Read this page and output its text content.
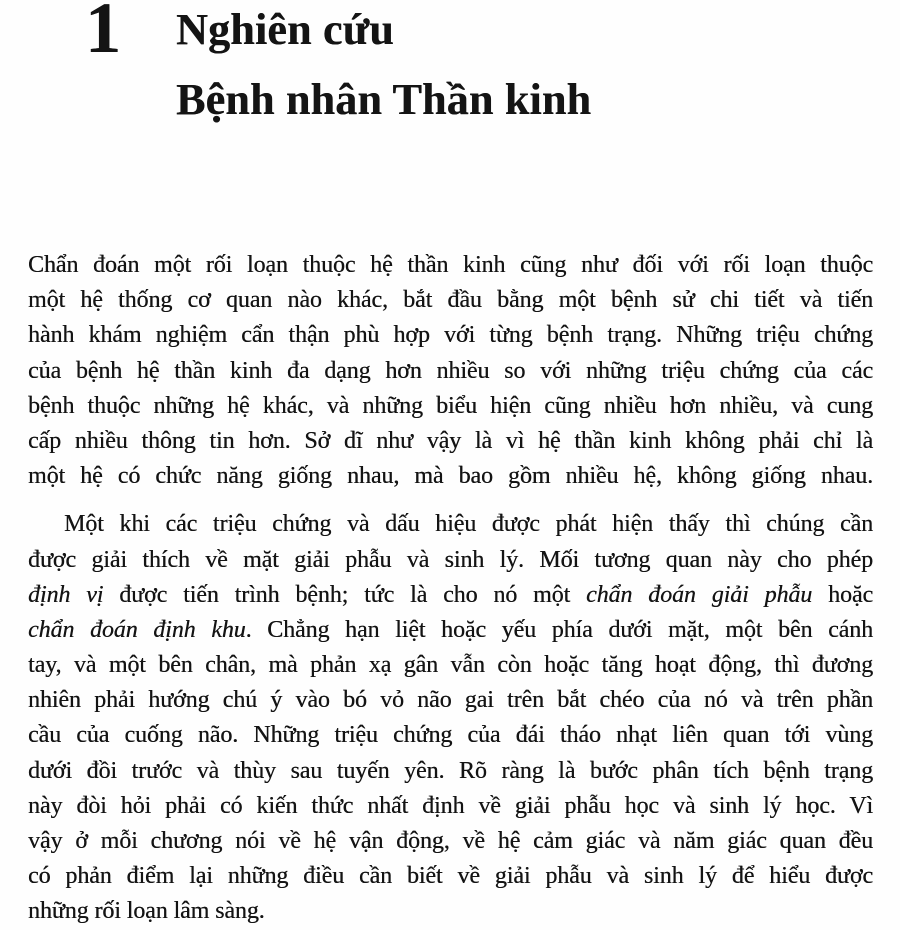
1 Nghiên cứu
Bệnh nhân Thần kinh
Chẩn đoán một rối loạn thuộc hệ thần kinh cũng như đối với rối loạn thuộc
một hệ thống cơ quan nào khác, bắt đầu bằng một bệnh sử chi tiết và tiến
hành khám nghiệm cẩn thận phù hợp với từng bệnh trạng. Những triệu chứng
của bệnh hệ thần kinh đa dạng hơn nhiều so với những triệu chứng của các
bệnh thuộc những hệ khác, và những biểu hiện cũng nhiều hơn nhiều, và cung
cấp nhiều thông tin hơn. Sở dĩ như vậy là vì hệ thần kinh không phải chỉ là
một hệ có chức năng giống nhau, mà bao gồm nhiều hệ, không giống nhau.
Một khi các triệu chứng và dấu hiệu được phát hiện thấy thì chúng cần
được giải thích về mặt giải phẫu và sinh lý. Mối tương quan này cho phép
định vị được tiến trình bệnh; tức là cho nó một chẩn đoán giải phẫu hoặc
chẩn đoán định khu. Chẳng hạn liệt hoặc yếu phía dưới mặt, một bên cánh
tay, và một bên chân, mà phản xạ gân vẫn còn hoặc tăng hoạt động, thì đương
nhiên phải hướng chú ý vào bó vỏ não gai trên bắt chéo của nó và trên phần
cầu của cuống não. Những triệu chứng của đái tháo nhạt liên quan tới vùng
dưới đồi trước và thùy sau tuyến yên. Rõ ràng là bước phân tích bệnh trạng
này đòi hỏi phải có kiến thức nhất định về giải phẫu học và sinh lý học. Vì
vậy ở mỗi chương nói về hệ vận động, về hệ cảm giác và năm giác quan đều
có phản điểm lại những điều cần biết về giải phẫu và sinh lý để hiểu được
những rối loạn lâm sàng.
